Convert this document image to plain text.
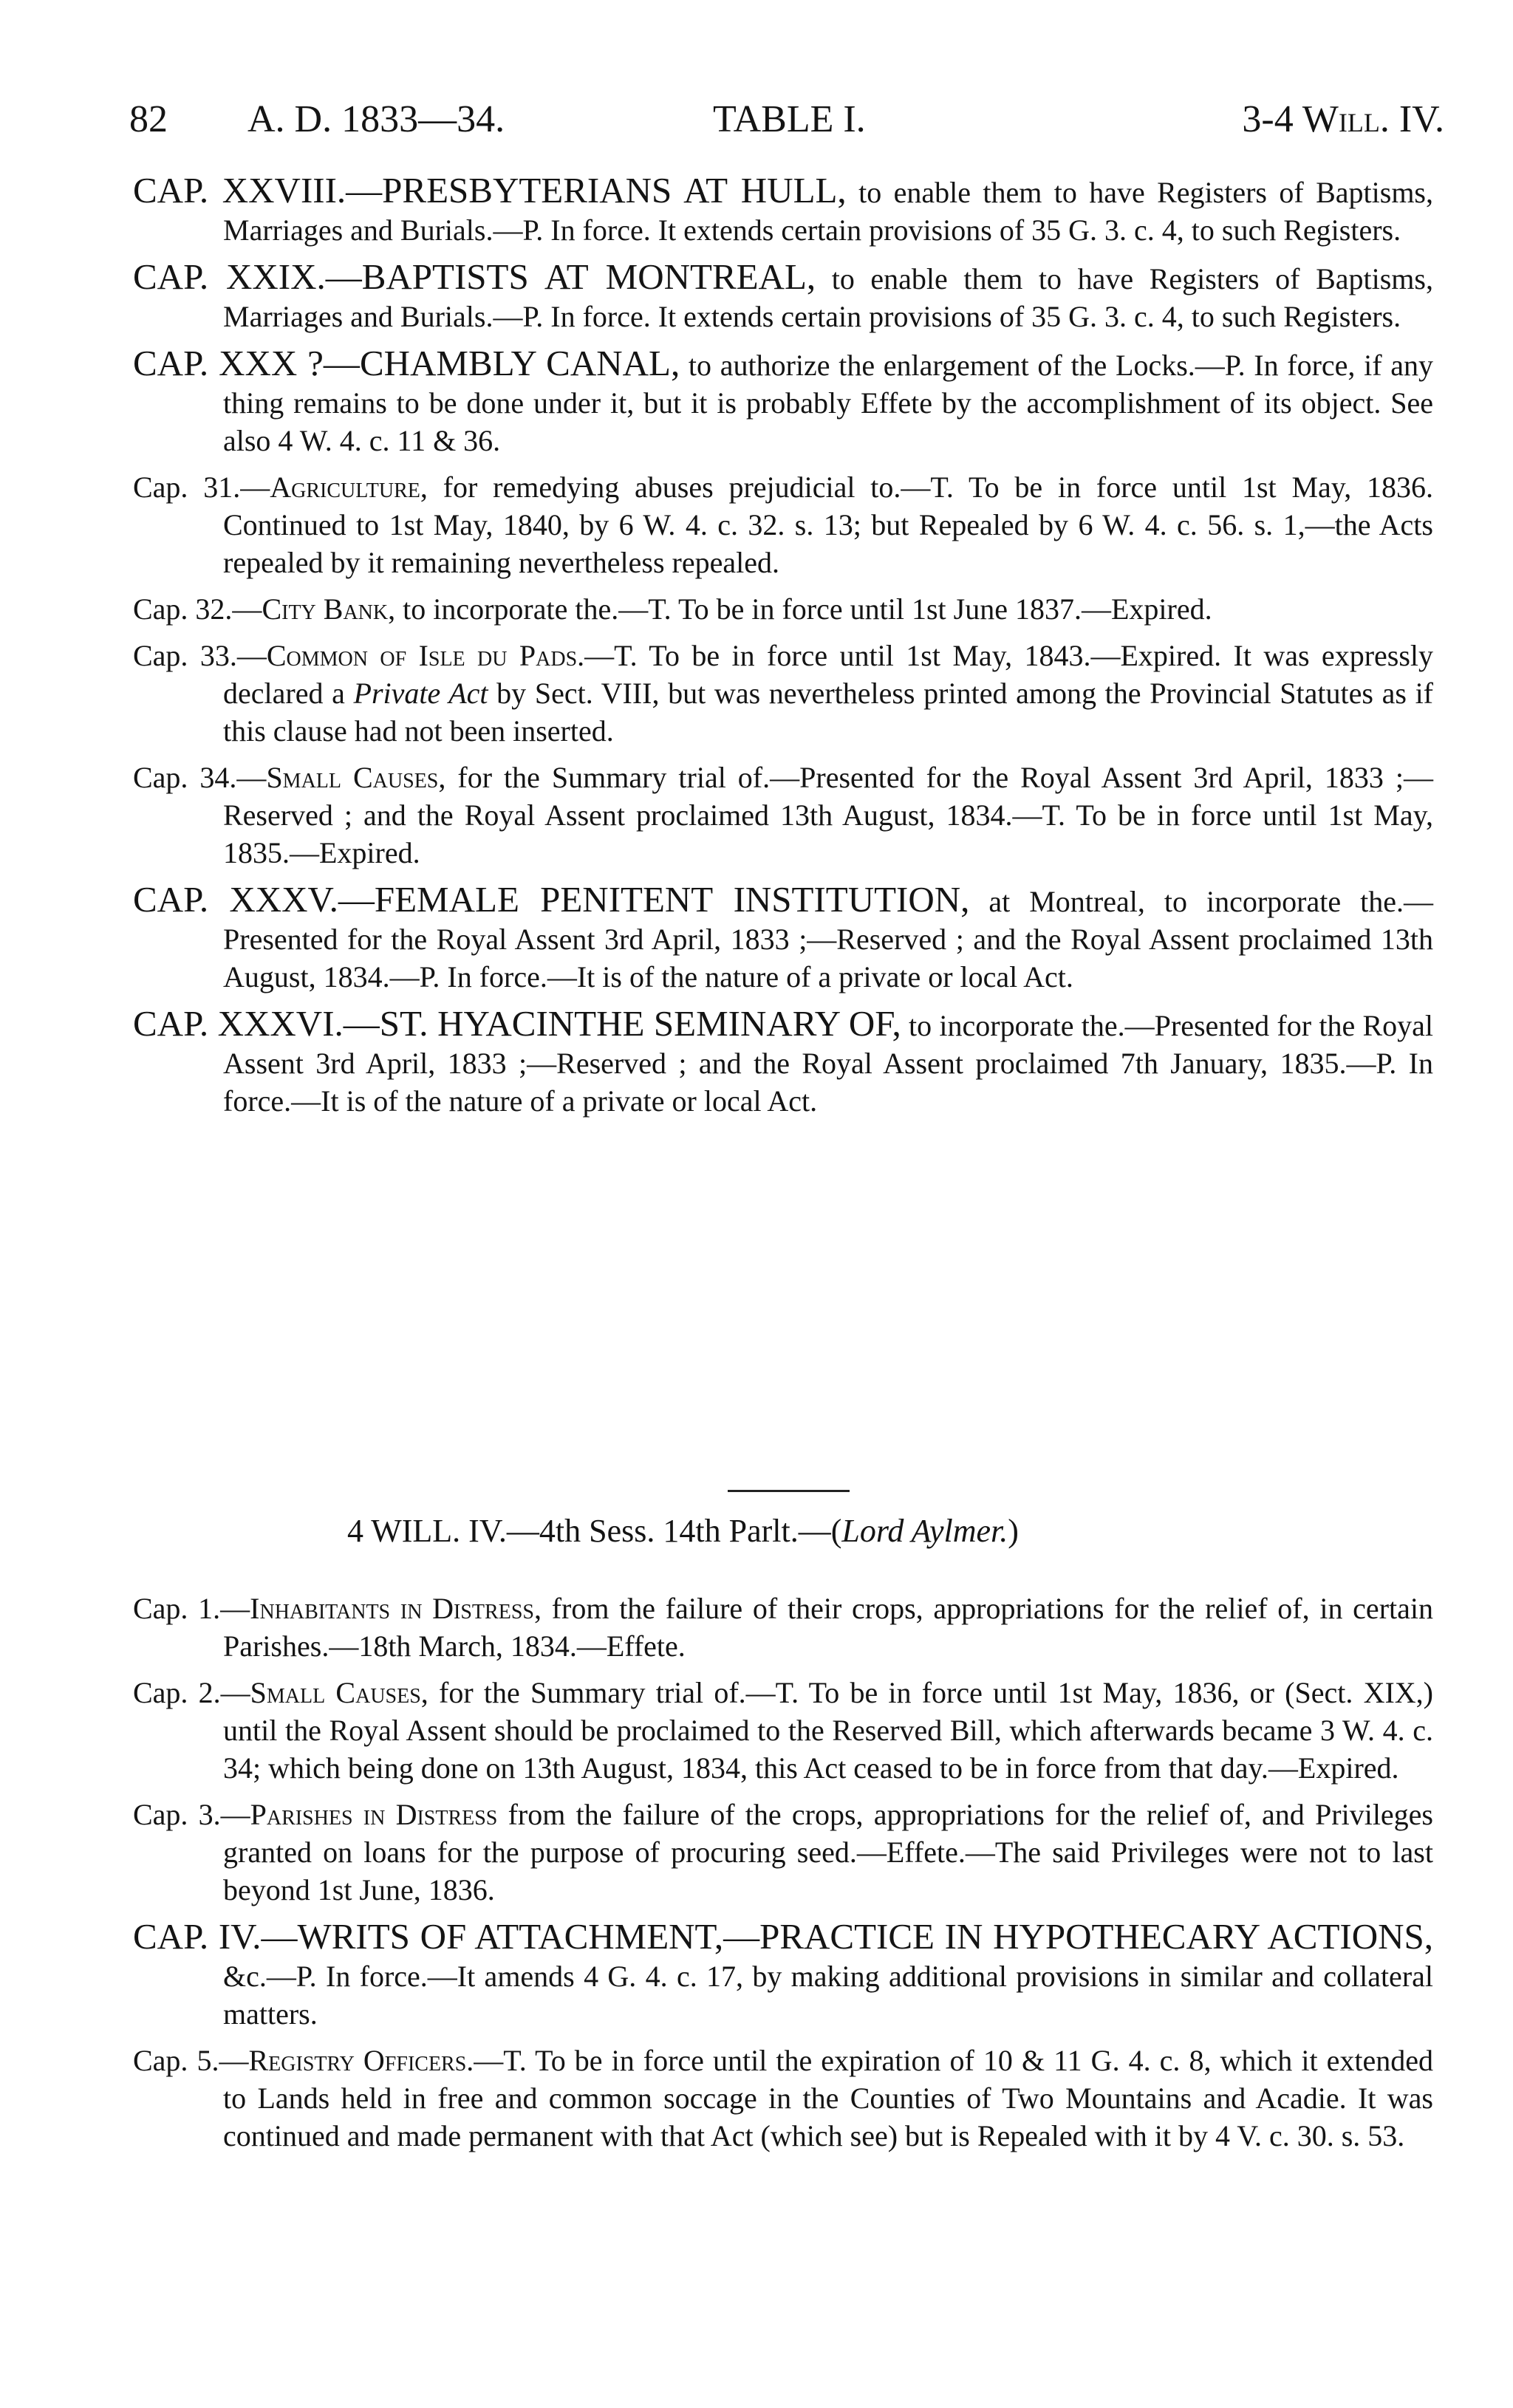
82 A. D. 1833—34.	TABLE I.	3-4 Will. IV.

CAP. XXVIII.—PRESBYTERIANS AT HULL, to enable them to have Registers of Baptisms, Marriages and Burials.—P. In force. It extends certain provisions of 35 G. 3. c. 4, to such Registers.

CAP. XXIX.—BAPTISTS AT MONTREAL, to enable them to have Registers of Baptisms, Marriages and Burials.—P. In force. It extends certain provisions of 35 G. 3. c. 4, to such Registers.

CAP. XXX ?—CHAMBLY CANAL, to authorize the enlargement of the Locks.—P. In force, if any thing remains to be done under it, but it is probably Effete by the accomplishment of its object. See also 4 W. 4. c. 11 & 36.

Cap. 31.—Agriculture, for remedying abuses prejudicial to.—T. To be in force until 1st May, 1836. Continued to 1st May, 1840, by 6 W. 4. c. 32. s. 13; but Repealed by 6 W. 4. c. 56. s. 1,—the Acts repealed by it remaining nevertheless repealed.

Cap. 32.—City Bank, to incorporate the.—T. To be in force until 1st June 1837.—Expired.

Cap. 33.—Common of Isle du Pads.—T. To be in force until 1st May, 1843.—Expired. It was expressly declared a Private Act by Sect. VIII, but was nevertheless printed among the Provincial Statutes as if this clause had not been inserted.

Cap. 34.—Small Causes, for the Summary trial of.—Presented for the Royal Assent 3rd April, 1833 ;—Reserved ; and the Royal Assent proclaimed 13th August, 1834.—T. To be in force until 1st May, 1835.—Expired.

CAP. XXXV.—FEMALE PENITENT INSTITUTION, at Montreal, to incorporate the.—Presented for the Royal Assent 3rd April, 1833 ;—Reserved ; and the Royal Assent proclaimed 13th August, 1834.—P. In force.—It is of the nature of a private or local Act.

CAP. XXXVI.—ST. HYACINTHE SEMINARY OF, to incorporate the.—Presented for the Royal Assent 3rd April, 1833 ;—Reserved ; and the Royal Assent proclaimed 7th January, 1835.—P. In force.—It is of the nature of a private or local Act.

4 WILL. IV.—4th Sess. 14th Parlt.—(Lord Aylmer.)

Cap. 1.—Inhabitants in Distress, from the failure of their crops, appropriations for the relief of, in certain Parishes.—18th March, 1834.—Effete.

Cap. 2.—Small Causes, for the Summary trial of.—T. To be in force until 1st May, 1836, or (Sect. XIX,) until the Royal Assent should be proclaimed to the Reserved Bill, which afterwards became 3 W. 4. c. 34; which being done on 13th August, 1834, this Act ceased to be in force from that day.—Expired.

Cap. 3.—Parishes in Distress from the failure of the crops, appropriations for the relief of, and Privileges granted on loans for the purpose of procuring seed.—Effete.—The said Privileges were not to last beyond 1st June, 1836.

CAP. IV.—WRITS OF ATTACHMENT,—PRACTICE IN HYPOTHECARY ACTIONS, &c.—P. In force.—It amends 4 G. 4. c. 17, by making additional provisions in similar and collateral matters.

Cap. 5.—Registry Officers.—T. To be in force until the expiration of 10 & 11 G. 4. c. 8, which it extended to Lands held in free and common soccage in the Counties of Two Mountains and Acadie. It was continued and made permanent with that Act (which see) but is Repealed with it by 4 V. c. 30. s. 53.
